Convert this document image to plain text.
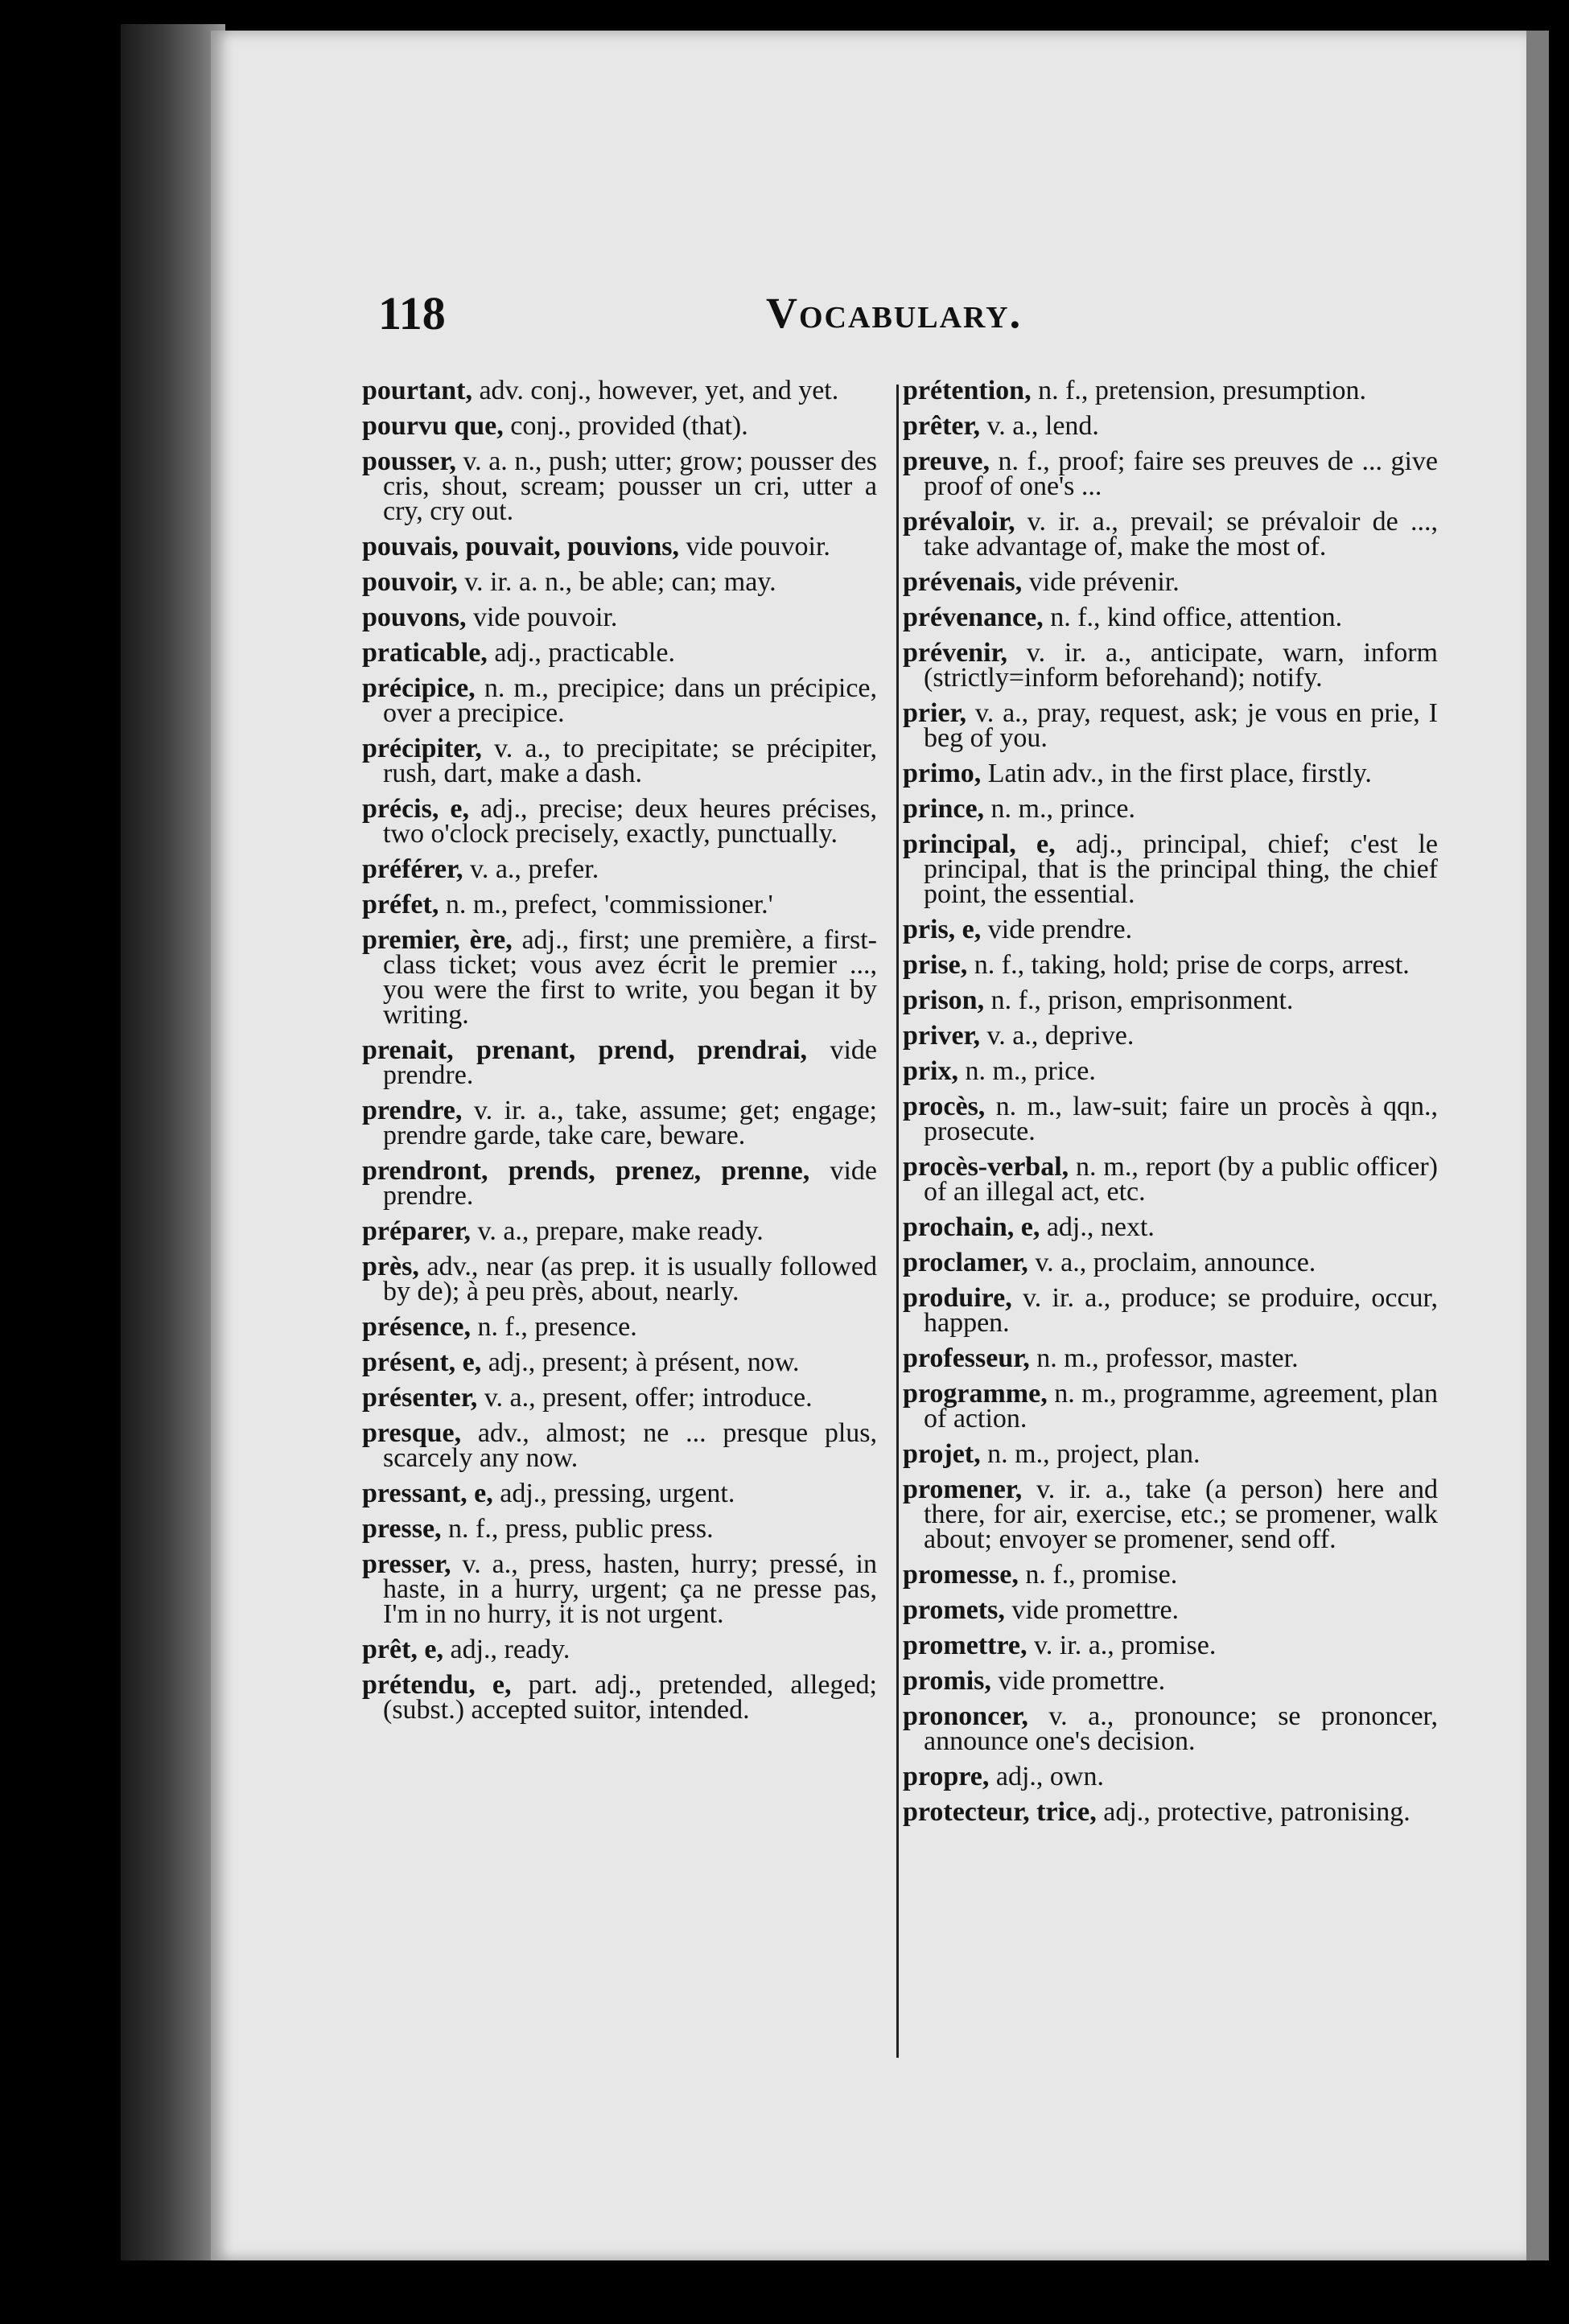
118	Vocabulary.
pourtant, adv. conj., however, yet, and yet.
pourvu que, conj., provided (that).
pousser, v. a. n., push; utter; grow; pousser des cris, shout, scream; pousser un cri, utter a cry, cry out.
pouvais, pouvait, pouvions, vide pouvoir.
pouvoir, v. ir. a. n., be able; can; may.
pouvons, vide pouvoir.
praticable, adj., practicable.
précipice, n. m., precipice; dans un précipice, over a precipice.
précipiter, v. a., to precipitate; se précipiter, rush, dart, make a dash.
précis, e, adj., precise; deux heures précises, two o'clock precisely, exactly, punctually.
préférer, v. a., prefer.
préfet, n. m., prefect, 'commissioner.'
premier, ère, adj., first; une première, a first-class ticket; vous avez écrit le premier ..., you were the first to write, you began it by writing.
prenait, prenant, prend, prendrai, vide prendre.
prendre, v. ir. a., take, assume; get; engage; prendre garde, take care, beware.
prendront, prends, prenez, prenne, vide prendre.
préparer, v. a., prepare, make ready.
près, adv., near (as prep. it is usually followed by de); à peu près, about, nearly.
présence, n. f., presence.
présent, e, adj., present; à présent, now.
présenter, v. a., present, offer; introduce.
presque, adv., almost; ne ... presque plus, scarcely any now.
pressant, e, adj., pressing, urgent.
presse, n. f., press, public press.
presser, v. a., press, hasten, hurry; pressé, in haste, in a hurry, urgent; ça ne presse pas, I'm in no hurry, it is not urgent.
prêt, e, adj., ready.
prétendu, e, part. adj., pretended, alleged; (subst.) accepted suitor, intended.
prétention, n. f., pretension, presumption.
prêter, v. a., lend.
preuve, n. f., proof; faire ses preuves de ... give proof of one's ...
prévaloir, v. ir. a., prevail; se prévaloir de ..., take advantage of, make the most of.
prévenais, vide prévenir.
prévenance, n. f., kind office, attention.
prévenir, v. ir. a., anticipate, warn, inform (strictly=inform beforehand); notify.
prier, v. a., pray, request, ask; je vous en prie, I beg of you.
primo, Latin adv., in the first place, firstly.
prince, n. m., prince.
principal, e, adj., principal, chief; c'est le principal, that is the principal thing, the chief point, the essential.
pris, e, vide prendre.
prise, n. f., taking, hold; prise de corps, arrest.
prison, n. f., prison, emprisonment.
priver, v. a., deprive.
prix, n. m., price.
procès, n. m., law-suit; faire un procès à qqn., prosecute.
procès-verbal, n. m., report (by a public officer) of an illegal act, etc.
prochain, e, adj., next.
proclamer, v. a., proclaim, announce.
produire, v. ir. a., produce; se produire, occur, happen.
professeur, n. m., professor, master.
programme, n. m., programme, agreement, plan of action.
projet, n. m., project, plan.
promener, v. ir. a., take (a person) here and there, for air, exercise, etc.; se promener, walk about; envoyer se promener, send off.
promesse, n. f., promise.
promets, vide promettre.
promettre, v. ir. a., promise.
promis, vide promettre.
prononcer, v. a., pronounce; se prononcer, announce one's decision.
propre, adj., own.
protecteur, trice, adj., protective, patronising.
